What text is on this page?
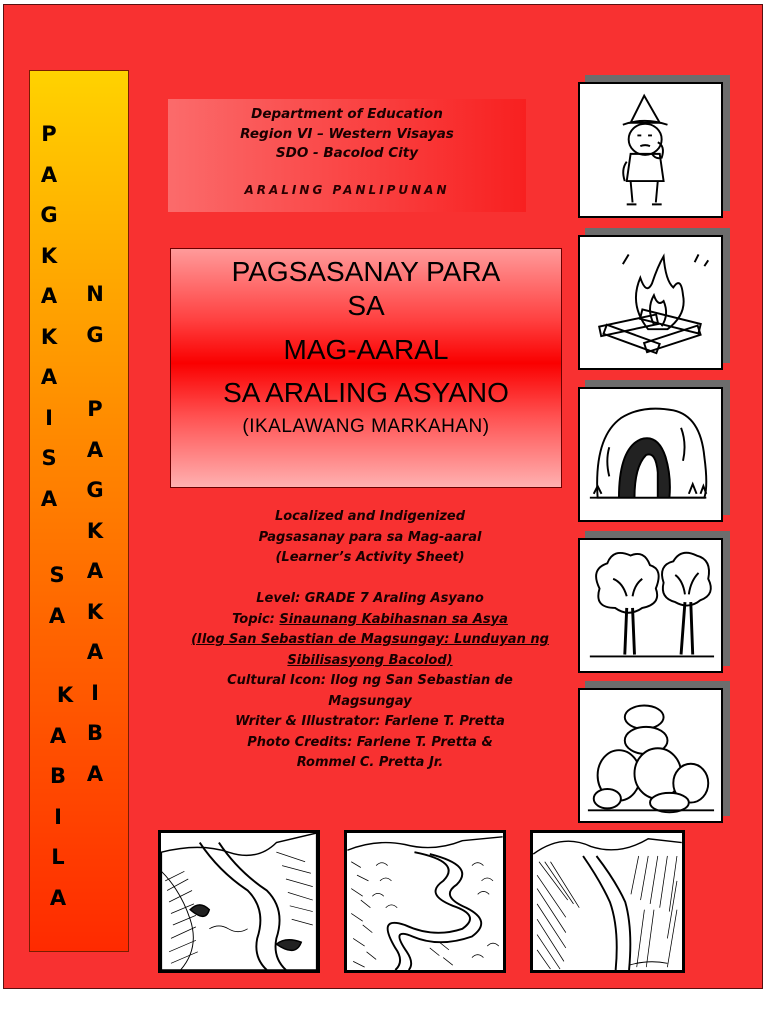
P
A
G
K
A
K
A
I
S
A
S
A
K
A
B
I
L
A
N
G
P
A
G
K
A
K
A
I
B
A
Department of Education
Region VI – Western Visayas
SDO - Bacolod City
ARALING PANLIPUNAN
PAGSASANAY PARA
SA
MAG-AARAL
SA ARALING ASYANO
(IKALAWANG MARKAHAN)
Localized and Indigenized
Pagsasanay para sa Mag-aaral
(Learner’s Activity Sheet)
Level: GRADE 7 Araling Asyano
Topic: Sinaunang Kabihasnan sa Asya
(Ilog San Sebastian de Magsungay: Lunduyan ng
Sibilisasyong Bacolod)
Cultural Icon: Ilog ng San Sebastian de
Magsungay
Writer & Illustrator: Farlene T. Pretta
Photo Credits: Farlene T. Pretta &
Rommel C. Pretta Jr.
